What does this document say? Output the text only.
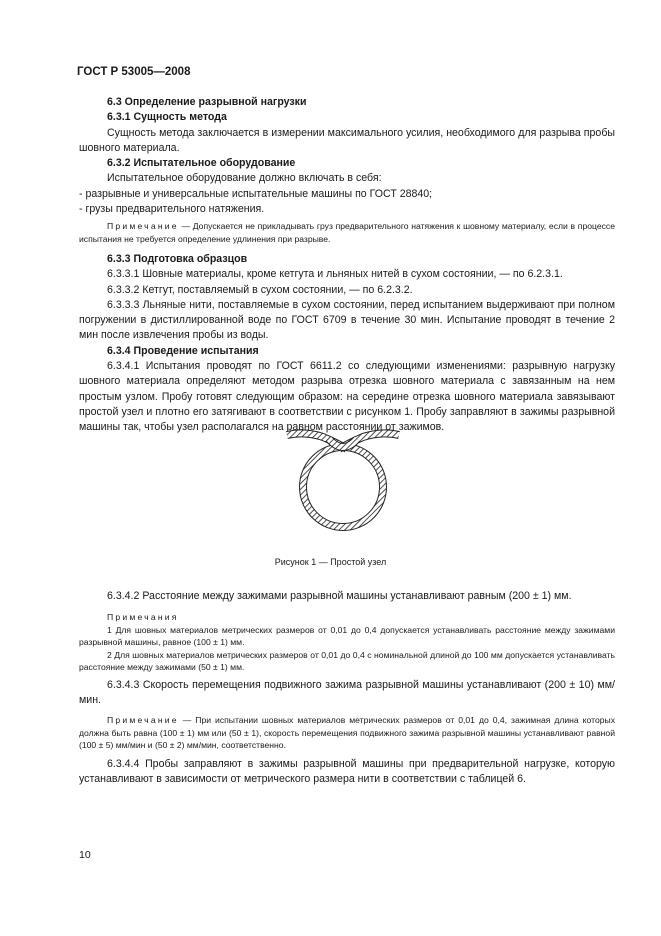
ГОСТ Р 53005—2008

6.3 Определение разрывной нагрузки

6.3.1 Сущность метода

Сущность метода заключается в измерении максимального усилия, необходимого для разрыва пробы шовного материала.

6.3.2 Испытательное оборудование

Испытательное оборудование должно включать в себя:

- разрывные и универсальные испытательные машины по ГОСТ 28840;

- грузы предварительного натяжения.

Примечание — Допускается не прикладывать груз предварительного натяжения к шовному материалу, если в процессе испытания не требуется определение удлинения при разрыве.

6.3.3 Подготовка образцов

6.3.3.1 Шовные материалы, кроме кетгута и льняных нитей в сухом состоянии, — по 6.2.3.1.

6.3.3.2 Кетгут, поставляемый в сухом состоянии, — по 6.2.3.2.

6.3.3.3 Льняные нити, поставляемые в сухом состоянии, перед испытанием выдерживают при полном погружении в дистиллированной воде по ГОСТ 6709 в течение 30 мин. Испытание проводят в течение 2 мин после извлечения пробы из воды.

6.3.4 Проведение испытания

6.3.4.1 Испытания проводят по ГОСТ 6611.2 со следующими изменениями: разрывную нагрузку шовного материала определяют методом разрыва отрезка шовного материала с завязанным на нем простым узлом. Пробу готовят следующим образом: на середине отрезка шовного материала завязывают простой узел и плотно его затягивают в соответствии с рисунком 1. Пробу заправляют в зажимы разрывной машины так, чтобы узел располагался на равном расстоянии от зажимов.

6.3.4.2 Расстояние между зажимами разрывной машины устанавливают равным (200 ± 1) мм.

Примечания

1 Для шовных материалов метрических размеров от 0,01 до 0,4 допускается устанавливать расстояние между зажимами разрывной машины, равное (100 ± 1) мм.

2 Для шовных материалов метрических размеров от 0,01 до 0,4 с номинальной длиной до 100 мм допускается устанавливать расстояние между зажимами (50 ± 1) мм.

6.3.4.3 Скорость перемещения подвижного зажима разрывной машины устанавливают (200 ± 10) мм/мин.

Примечание — При испытании шовных материалов метрических размеров от 0,01 до 0,4, зажимная длина которых должна быть равна (100 ± 1) мм или (50 ± 1), скорость перемещения подвижного зажима разрывной машины устанавливают равной (100 ± 5) мм/мин и (50 ± 2) мм/мин, соответственно.

6.3.4.4 Пробы заправляют в зажимы разрывной машины при предварительной нагрузке, которую устанавливают в зависимости от метрического размера нити в соответствии с таблицей 6.

Рисунок 1 — Простой узел
10
